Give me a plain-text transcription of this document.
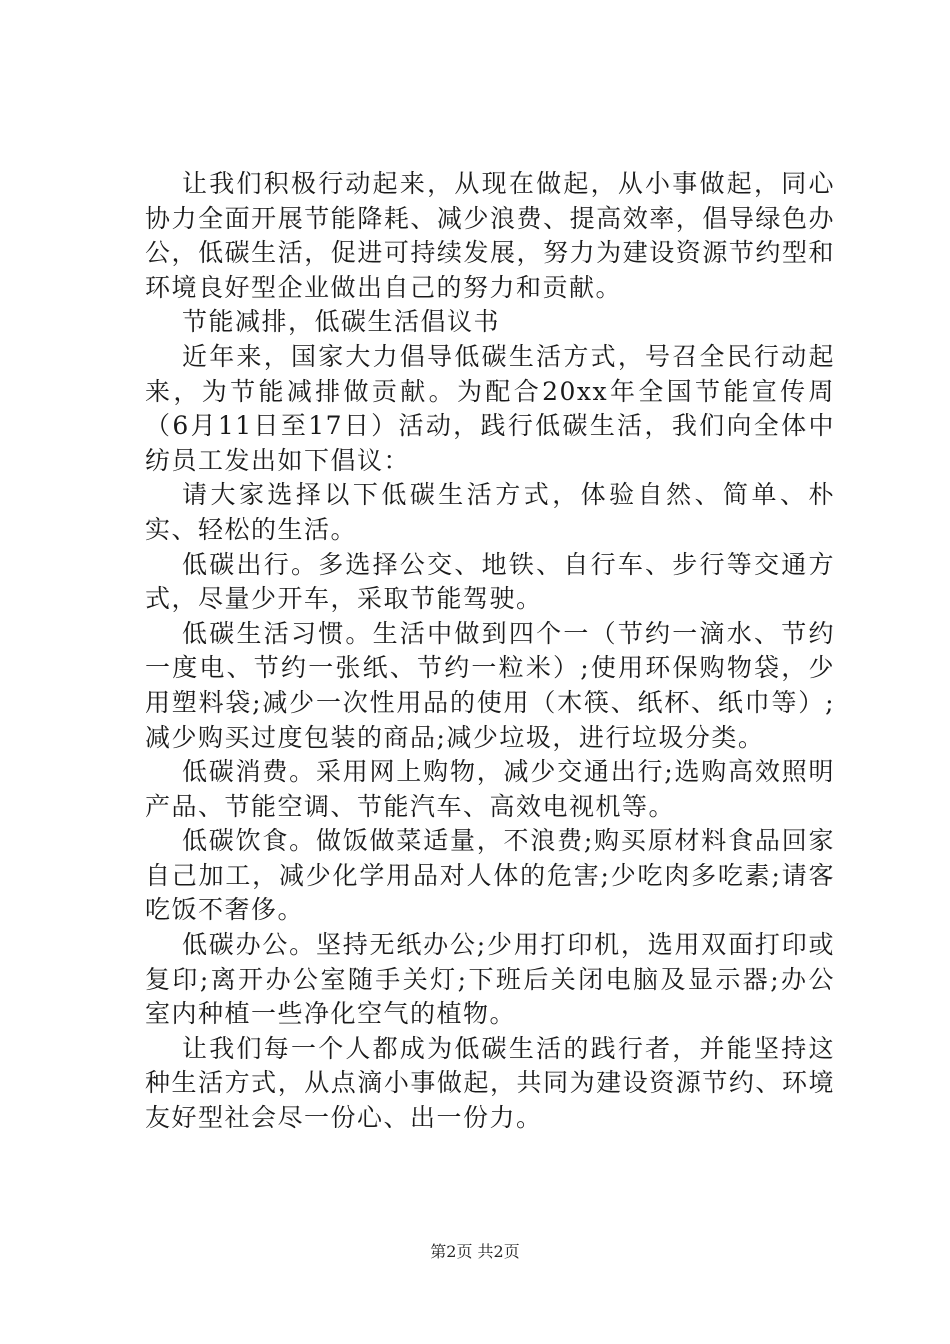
让我们积极行动起来，从现在做起，从小事做起，同心协力全面开展节能降耗、减少浪费、提高效率，倡导绿色办公，低碳生活，促进可持续发展，努力为建设资源节约型和环境良好型企业做出自己的努力和贡献。

节能减排，低碳生活倡议书

近年来，国家大力倡导低碳生活方式，号召全民行动起来，为节能减排做贡献。为配合20xx年全国节能宣传周（6月11日至17日）活动，践行低碳生活，我们向全体中纺员工发出如下倡议：

请大家选择以下低碳生活方式，体验自然、简单、朴实、轻松的生活。

低碳出行。多选择公交、地铁、自行车、步行等交通方式，尽量少开车，采取节能驾驶。

低碳生活习惯。生活中做到四个一（节约一滴水、节约一度电、节约一张纸、节约一粒米）;使用环保购物袋，少用塑料袋;减少一次性用品的使用（木筷、纸杯、纸巾等）;减少购买过度包装的商品;减少垃圾，进行垃圾分类。

低碳消费。采用网上购物，减少交通出行;选购高效照明产品、节能空调、节能汽车、高效电视机等。

低碳饮食。做饭做菜适量，不浪费;购买原材料食品回家自己加工，减少化学用品对人体的危害;少吃肉多吃素;请客吃饭不奢侈。

低碳办公。坚持无纸办公;少用打印机，选用双面打印或复印;离开办公室随手关灯;下班后关闭电脑及显示器;办公室内种植一些净化空气的植物。

让我们每一个人都成为低碳生活的践行者，并能坚持这种生活方式，从点滴小事做起，共同为建设资源节约、环境友好型社会尽一份心、出一份力。

第2页 共2页
